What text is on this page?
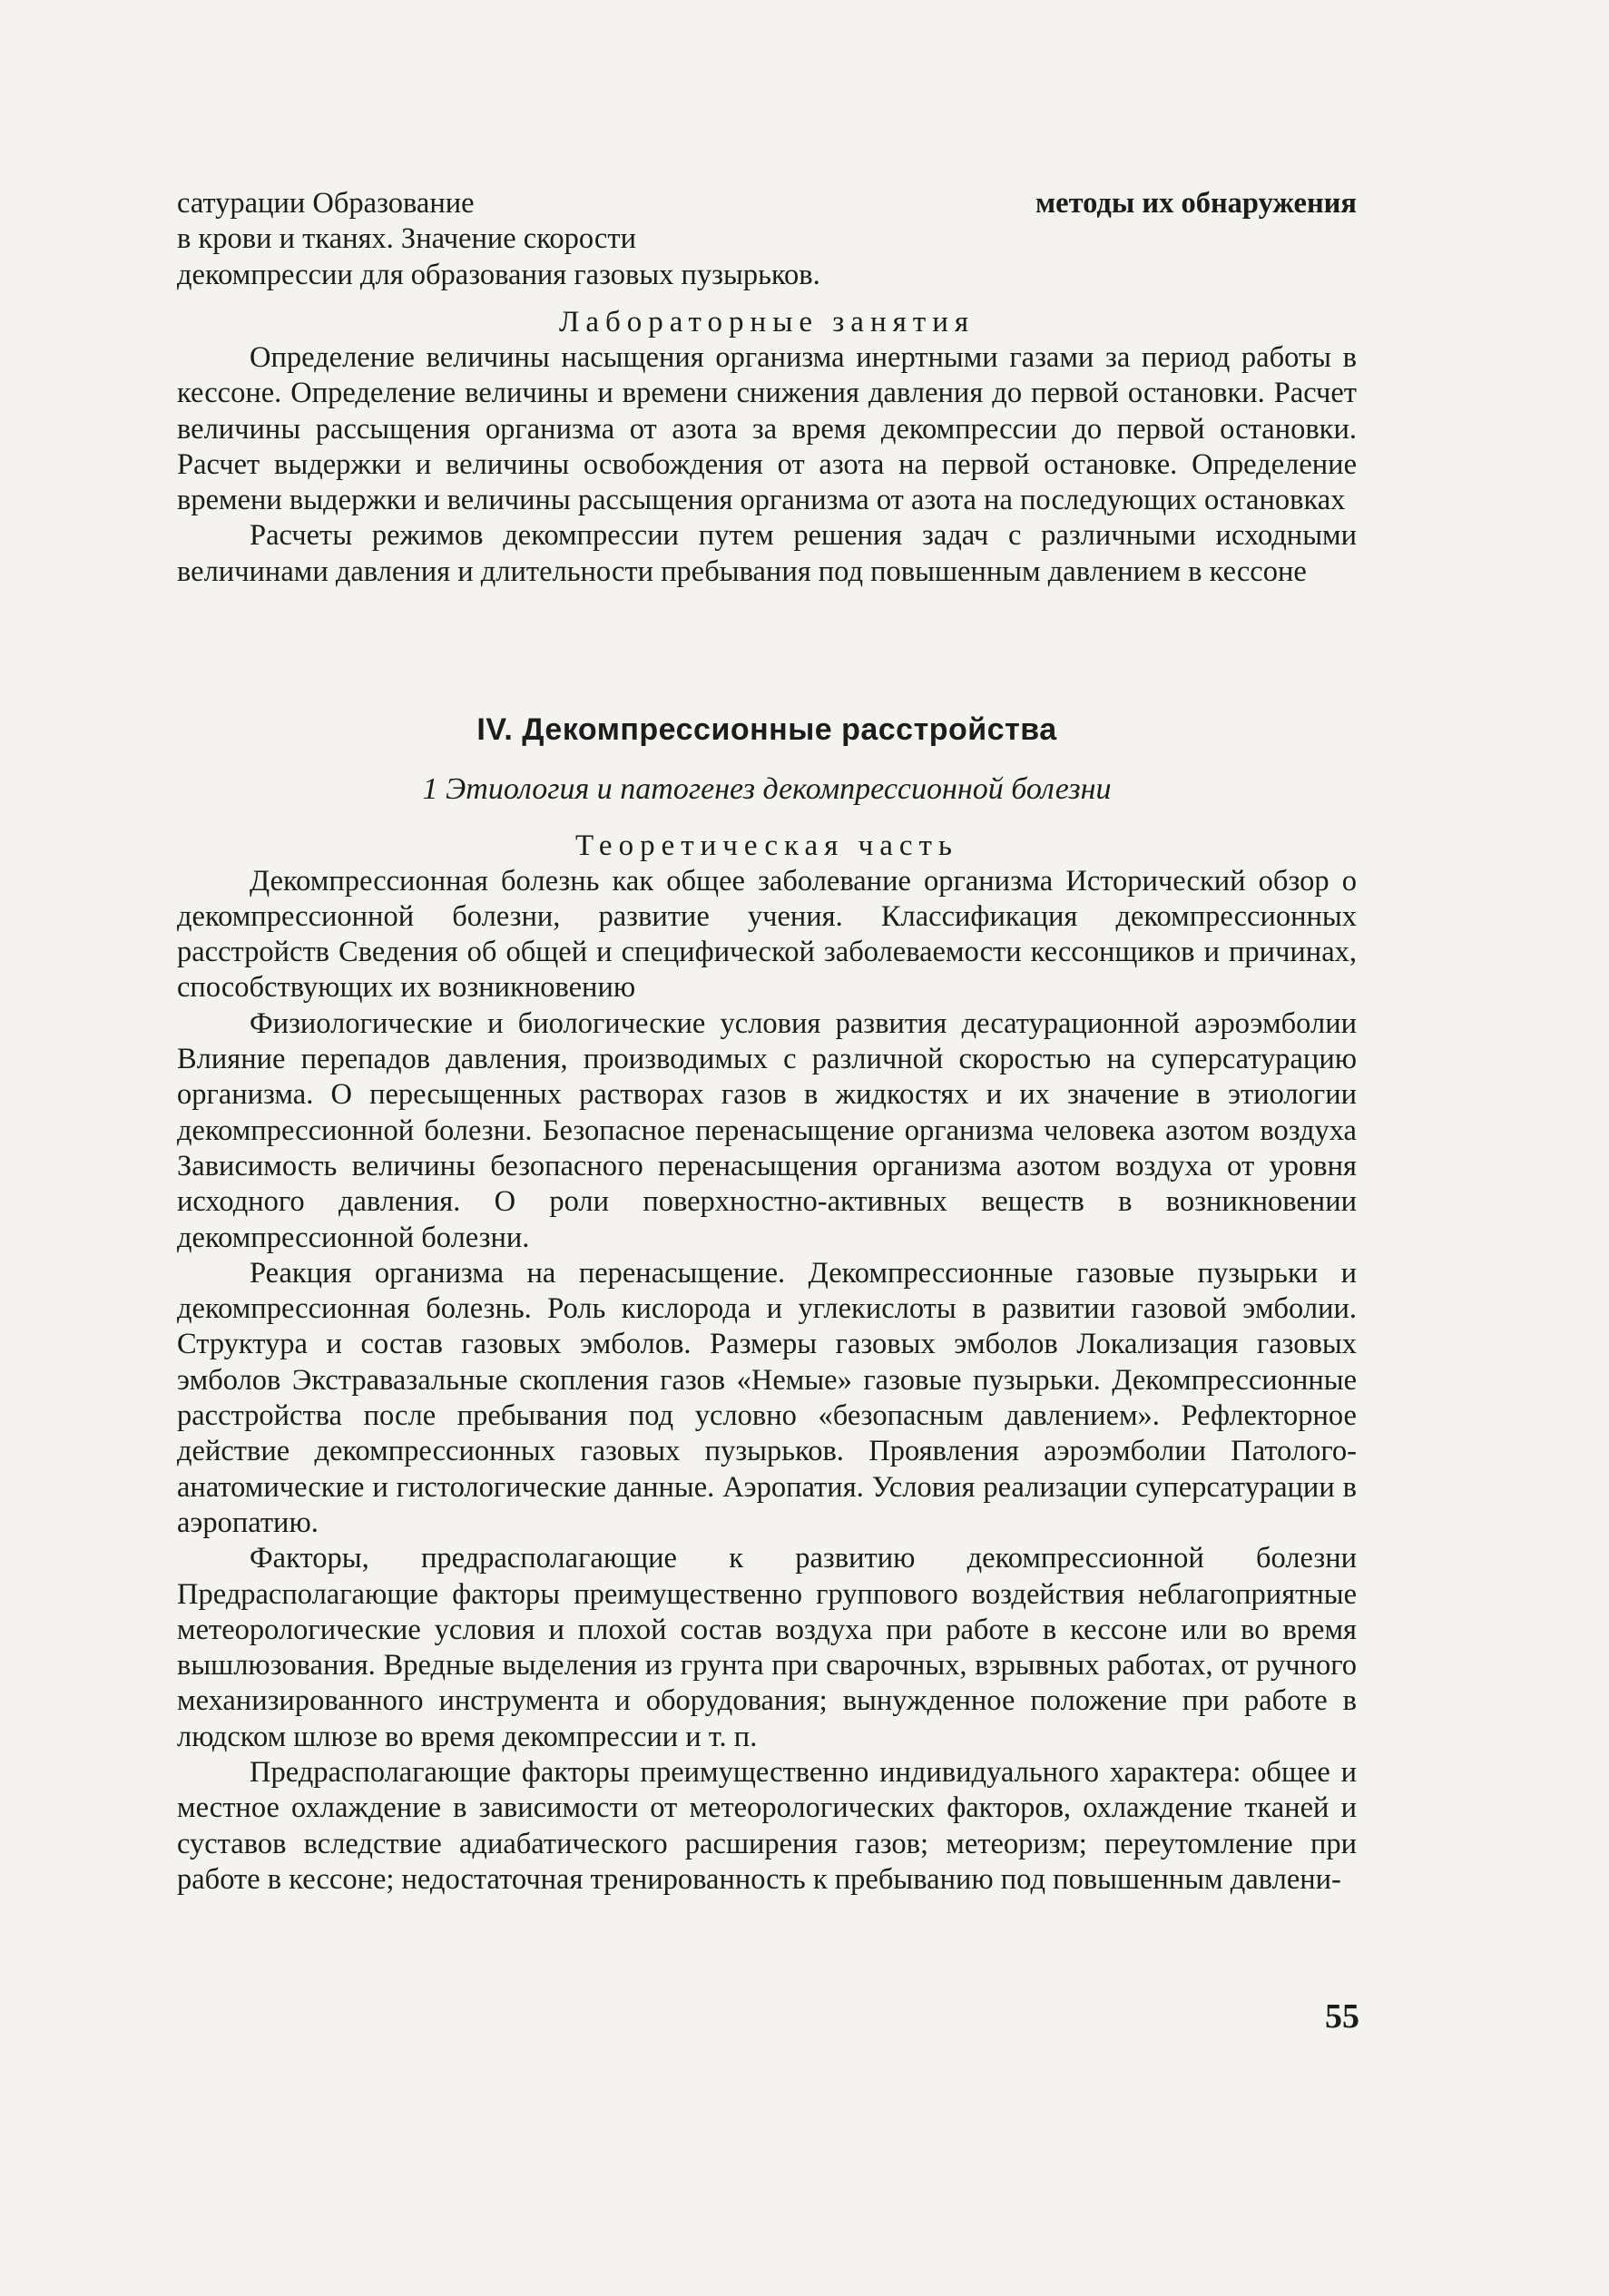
сатурации Образование	методы их обнаружения
в крови и тканях. Значение скорости

декомпрессии для образования газовых пузырьков.

Лабораторные занятия

Определение величины насыщения организма инертными газами за период работы в кессоне. Определение величины и времени снижения давления до первой остановки. Расчет величины рассыщения организма от азота за время декомпрессии до первой остановки. Расчет выдержки и величины освобождения от азота на первой остановке. Определение времени выдержки и величины рассыщения организма от азота на последующих остановках

Расчеты режимов декомпрессии путем решения задач с различными исходными величинами давления и длительности пребывания под повышенным давлением в кессоне

IV. Декомпрессионные расстройства
1 Этиология и патогенез декомпрессионной болезни
Теоретическая часть

Декомпрессионная болезнь как общее заболевание организма Исторический обзор о декомпрессионной болезни, развитие учения. Классификация декомпрессионных расстройств Сведения об общей и специфической заболеваемости кессонщиков и причинах, способствующих их возникновению

Физиологические и биологические условия развития десатурационной аэроэмболии Влияние перепадов давления, производимых с различной скоростью на суперсатурацию организма. О пересыщенных растворах газов в жидкостях и их значение в этиологии декомпрессионной болезни. Безопасное перенасыщение организма человека азотом воздуха Зависимость величины безопасного перенасыщения организма азотом воздуха от уровня исходного давления. О роли поверхностно-активных веществ в возникновении декомпрессионной болезни.

Реакция организма на перенасыщение. Декомпрессионные газовые пузырьки и декомпрессионная болезнь. Роль кислорода и углекислоты в развитии газовой эмболии. Структура и состав газовых эмболов. Размеры газовых эмболов Локализация газовых эмболов Экстравазальные скопления газов «Немые» газовые пузырьки. Декомпрессионные расстройства после пребывания под условно «безопасным давлением». Рефлекторное действие декомпрессионных газовых пузырьков. Проявления аэроэмболии Патолого-анатомические и гистологические данные. Аэропатия. Условия реализации суперсатурации в аэропатию.

Факторы, предрасполагающие к развитию декомпрессионной болезни Предрасполагающие факторы преимущественно группового воздействия неблагоприятные метеорологические условия и плохой состав воздуха при работе в кессоне или во время вышлюзования. Вредные выделения из грунта при сварочных, взрывных работах, от ручного механизированного инструмента и оборудования; вынужденное положение при работе в людском шлюзе во время декомпрессии и т. п.

Предрасполагающие факторы преимущественно индивидуального характера: общее и местное охлаждение в зависимости от метеорологических факторов, охлаждение тканей и суставов вследствие адиабатического расширения газов; метеоризм; переутомление при работе в кессоне; недостаточная тренированность к пребыванию под повышенным давлени-

55
